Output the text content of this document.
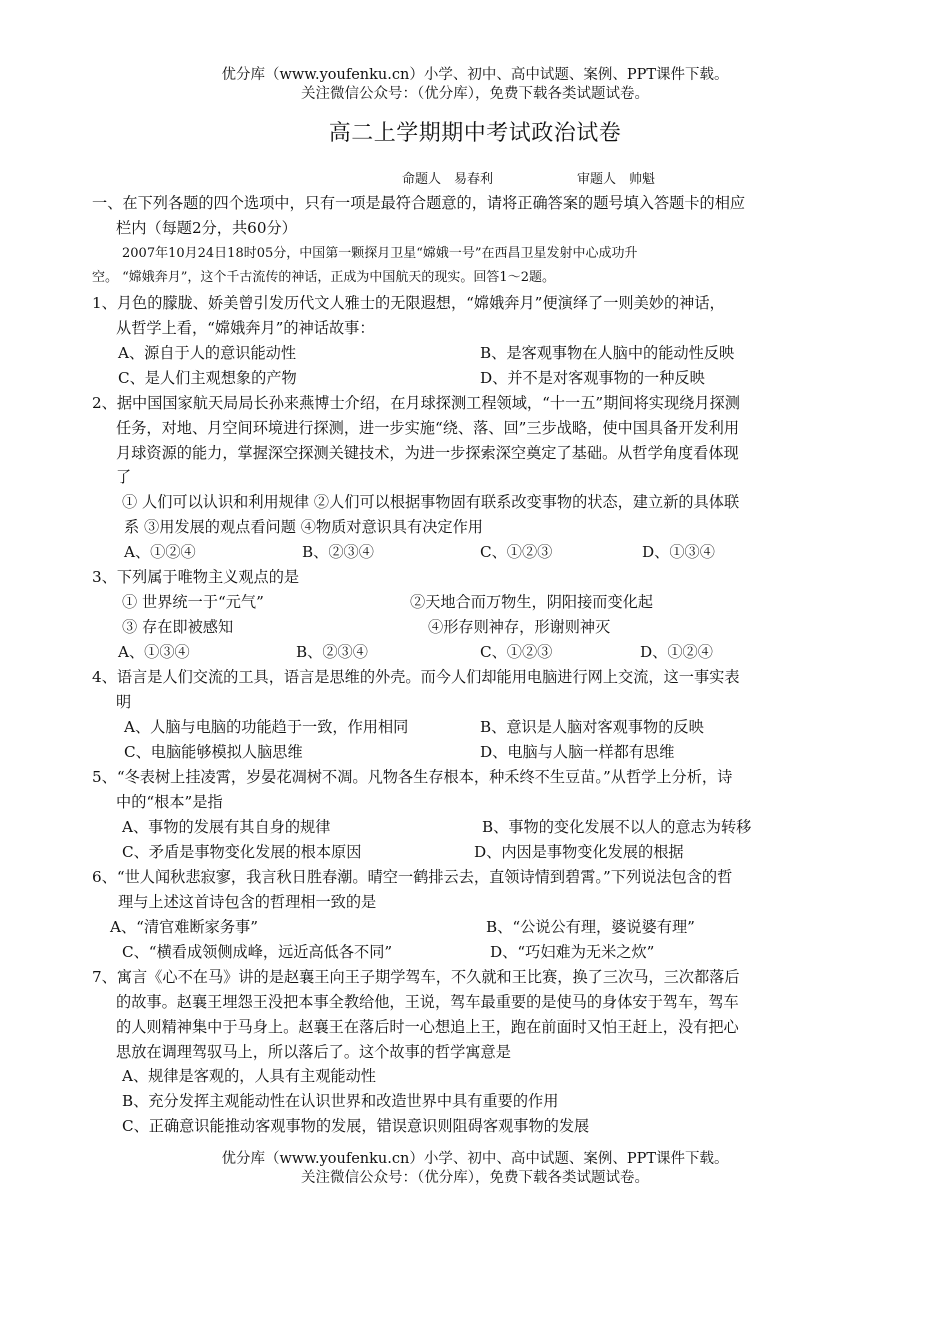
优分库（www.youfenku.cn）小学、初中、高中试题、案例、PPT课件下载。
关注微信公众号：（优分库），免费下载各类试题试卷。
高二上学期期中考试政治试卷
命题人　易春利	审题人　帅魁
一、在下列各题的四个选项中，只有一项是最符合题意的，请将正确答案的题号填入答题卡的相应
栏内（每题2分，共60分）
2007年10月24日18时05分，中国第一颗探月卫星“嫦娥一号”在西昌卫星发射中心成功升
空。 “嫦娥奔月”，这个千古流传的神话，正成为中国航天的现实。回答1～2题。
1、月色的朦胧、娇美曾引发历代文人雅士的无限遐想，“嫦娥奔月”便演绎了一则美妙的神话，
从哲学上看，“嫦娥奔月”的神话故事：
A、源自于人的意识能动性	B、是客观事物在人脑中的能动性反映
C、是人们主观想象的产物	D、并不是对客观事物的一种反映
2、据中国国家航天局局长孙来燕博士介绍，在月球探测工程领域，“十一五”期间将实现绕月探测
任务，对地、月空间环境进行探测，进一步实施“绕、落、回”三步战略，使中国具备开发利用
月球资源的能力，掌握深空探测关键技术，为进一步探索深空奠定了基础。从哲学角度看体现
了
① 人们可以认识和利用规律 ②人们可以根据事物固有联系改变事物的状态，建立新的具体联
系 ③用发展的观点看问题 ④物质对意识具有决定作用
A、①②④	B、②③④	C、①②③	D、①③④
3、下列属于唯物主义观点的是
① 世界统一于“元气”	②天地合而万物生，阴阳接而变化起
③ 存在即被感知	④形存则神存，形谢则神灭
A、①③④	B、②③④	C、①②③	D、①②④
4、语言是人们交流的工具，语言是思维的外壳。而今人们却能用电脑进行网上交流，这一事实表
明
A、人脑与电脑的功能趋于一致，作用相同	B、意识是人脑对客观事物的反映
C、电脑能够模拟人脑思维	D、电脑与人脑一样都有思维
5、“冬表树上挂凌霄，岁晏花凋树不凋。凡物各生存根本，种禾终不生豆苗。”从哲学上分析，诗
中的“根本”是指
A、事物的发展有其自身的规律	B、事物的变化发展不以人的意志为转移
C、矛盾是事物变化发展的根本原因	D、内因是事物变化发展的根据
6、“世人闻秋悲寂寥，我言秋日胜春潮。晴空一鹤排云去，直领诗情到碧霄。”下列说法包含的哲
理与上述这首诗包含的哲理相一致的是
A、“清官难断家务事”	B、“公说公有理，婆说婆有理”
C、“横看成领侧成峰，远近高低各不同”	D、“巧妇难为无米之炊”
7、寓言《心不在马》讲的是赵襄王向王子期学驾车，不久就和王比赛，换了三次马，三次都落后
的故事。赵襄王埋怨王没把本事全教给他，王说，驾车最重要的是使马的身体安于驾车，驾车
的人则精神集中于马身上。赵襄王在落后时一心想追上王，跑在前面时又怕王赶上，没有把心
思放在调理驾驭马上，所以落后了。这个故事的哲学寓意是
A、规律是客观的，人具有主观能动性
B、充分发挥主观能动性在认识世界和改造世界中具有重要的作用
C、正确意识能推动客观事物的发展，错误意识则阻碍客观事物的发展
优分库（www.youfenku.cn）小学、初中、高中试题、案例、PPT课件下载。
关注微信公众号：（优分库），免费下载各类试题试卷。
